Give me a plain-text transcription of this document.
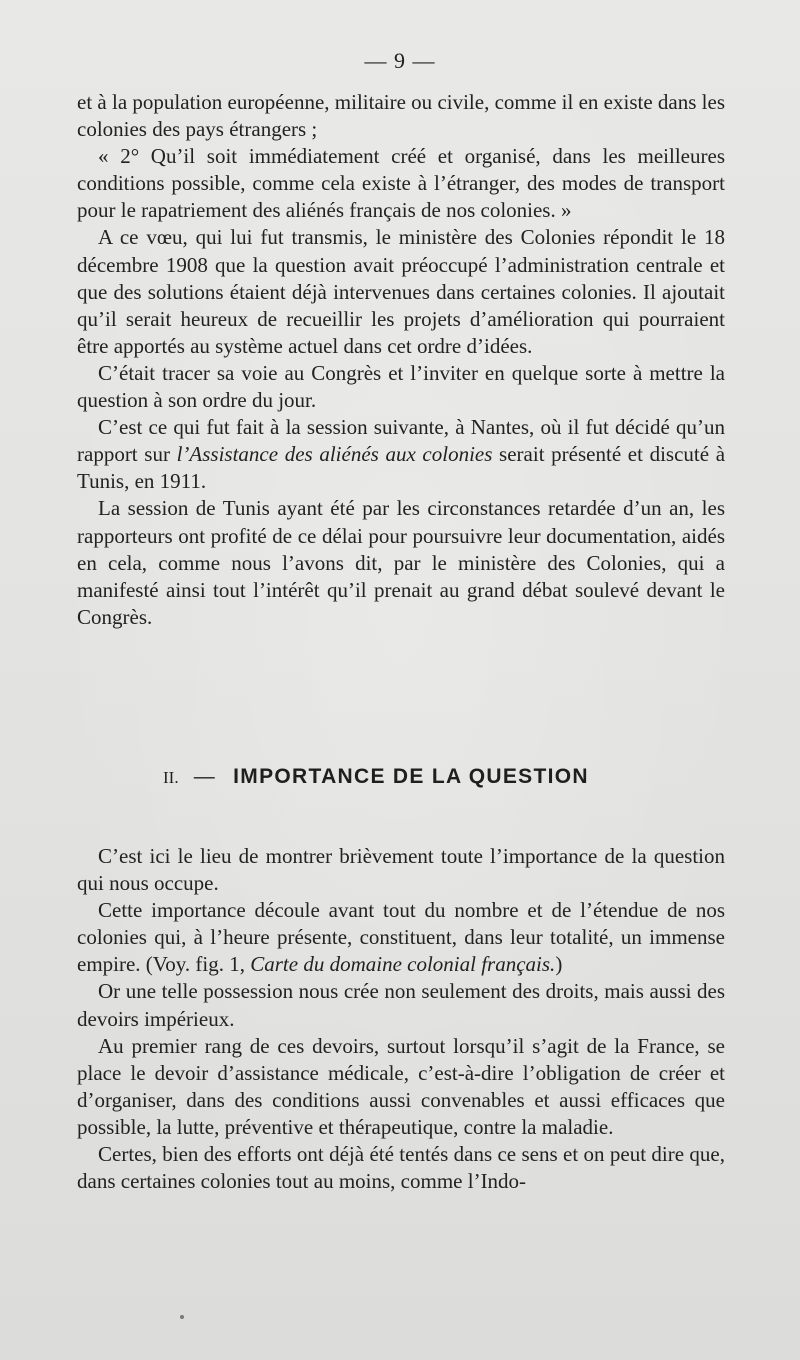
— 9 —

et à la population européenne, militaire ou civile, comme il en existe dans les colonies des pays étrangers ;

« 2° Qu’il soit immédiatement créé et organisé, dans les meilleures conditions possible, comme cela existe à l’étranger, des modes de transport pour le rapatriement des aliénés français de nos colonies. »

A ce vœu, qui lui fut transmis, le ministère des Colonies répondit le 18 décembre 1908 que la question avait préoccupé l’administration centrale et que des solutions étaient déjà intervenues dans certaines colonies. Il ajoutait qu’il serait heureux de recueillir les projets d’amélioration qui pourraient être apportés au système actuel dans cet ordre d’idées.

C’était tracer sa voie au Congrès et l’inviter en quelque sorte à mettre la question à son ordre du jour.

C’est ce qui fut fait à la session suivante, à Nantes, où il fut décidé qu’un rapport sur l’Assistance des aliénés aux colonies serait présenté et discuté à Tunis, en 1911.

La session de Tunis ayant été par les circonstances retardée d’un an, les rapporteurs ont profité de ce délai pour poursuivre leur documentation, aidés en cela, comme nous l’avons dit, par le ministère des Colonies, qui a manifesté ainsi tout l’intérêt qu’il prenait au grand débat soulevé devant le Congrès.

II. — IMPORTANCE DE LA QUESTION

C’est ici le lieu de montrer brièvement toute l’importance de la question qui nous occupe.

Cette importance découle avant tout du nombre et de l’étendue de nos colonies qui, à l’heure présente, constituent, dans leur totalité, un immense empire. (Voy. fig. 1, Carte du domaine colonial français.)

Or une telle possession nous crée non seulement des droits, mais aussi des devoirs impérieux.

Au premier rang de ces devoirs, surtout lorsqu’il s’agit de la France, se place le devoir d’assistance médicale, c’est-à-dire l’obligation de créer et d’organiser, dans des conditions aussi convenables et aussi efficaces que possible, la lutte, préventive et thérapeutique, contre la maladie.

Certes, bien des efforts ont déjà été tentés dans ce sens et on peut dire que, dans certaines colonies tout au moins, comme l’Indo-
